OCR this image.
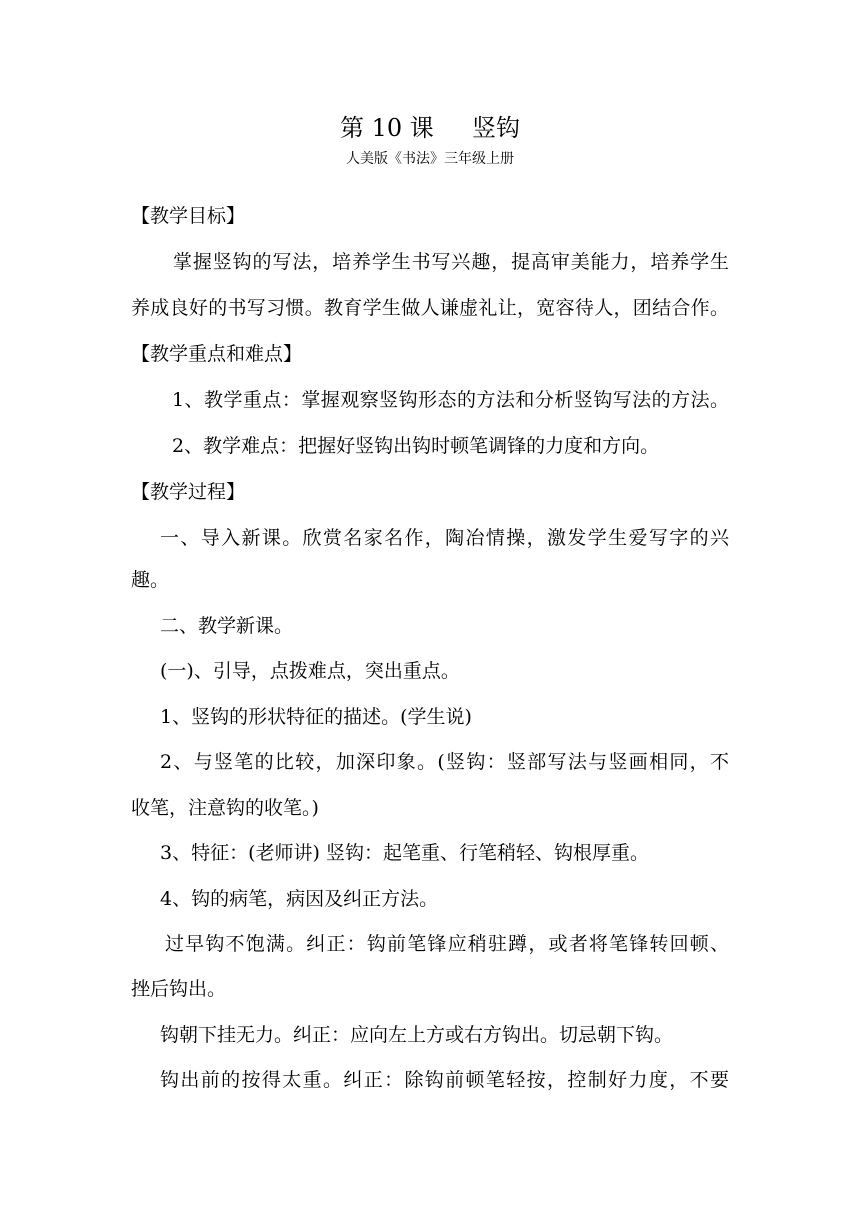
第 10 课     竖钩
人美版《书法》三年级上册
【教学目标】
掌握竖钩的写法，培养学生书写兴趣，提高审美能力，培养学生
养成良好的书写习惯。教育学生做人谦虚礼让，宽容待人，团结合作。
【教学重点和难点】
1、教学重点：掌握观察竖钩形态的方法和分析竖钩写法的方法。
2、教学难点：把握好竖钩出钩时顿笔调锋的力度和方向。
【教学过程】
一、导入新课。欣赏名家名作，陶冶情操，激发学生爱写字的兴
趣。
二、教学新课。
(一)、引导，点拨难点，突出重点。
1、竖钩的形状特征的描述。(学生说)
2、与竖笔的比较，加深印象。(竖钩：竖部写法与竖画相同，不
收笔，注意钩的收笔。)
3、特征：(老师讲) 竖钩：起笔重、行笔稍轻、钩根厚重。
4、钩的病笔，病因及纠正方法。
过早钩不饱满。纠正：钩前笔锋应稍驻蹲，或者将笔锋转回顿、
挫后钩出。
钩朝下挂无力。纠正：应向左上方或右方钩出。切忌朝下钩。
钩出前的按得太重。纠正：除钩前顿笔轻按，控制好力度，不要
